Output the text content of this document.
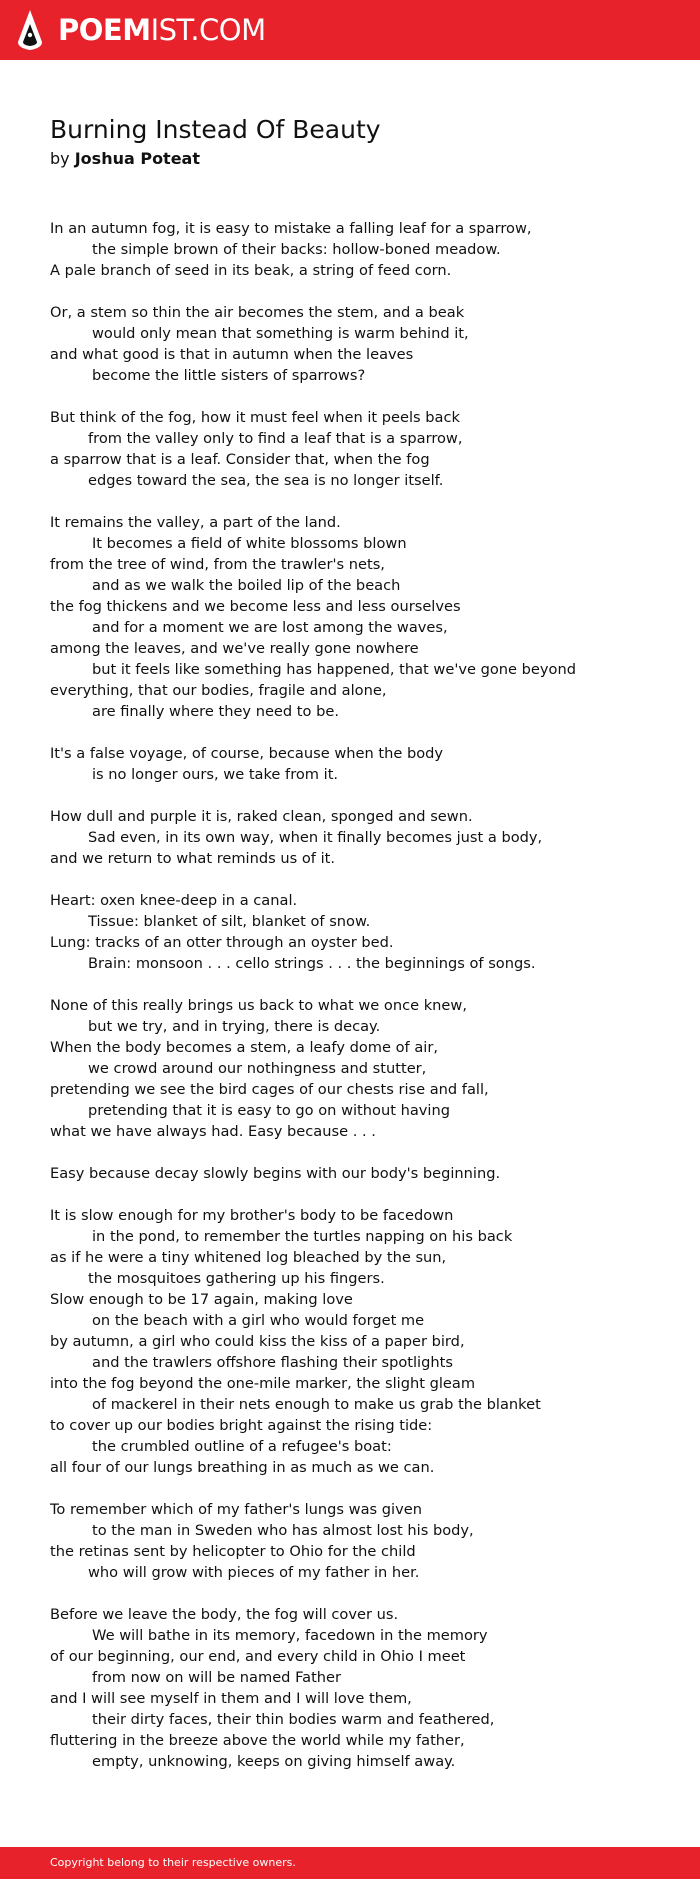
POEMIST.COM
Burning Instead Of Beauty
by Joshua Poteat
In an autumn fog, it is easy to mistake a falling leaf for a sparrow,
the simple brown of their backs: hollow-boned meadow.
A pale branch of seed in its beak, a string of feed corn.
Or, a stem so thin the air becomes the stem, and a beak
would only mean that something is warm behind it,
and what good is that in autumn when the leaves
become the little sisters of sparrows?
But think of the fog, how it must feel when it peels back
from the valley only to find a leaf that is a sparrow,
a sparrow that is a leaf. Consider that, when the fog
edges toward the sea, the sea is no longer itself.
It remains the valley, a part of the land.
It becomes a field of white blossoms blown
from the tree of wind, from the trawler's nets,
and as we walk the boiled lip of the beach
the fog thickens and we become less and less ourselves
and for a moment we are lost among the waves,
among the leaves, and we've really gone nowhere
but it feels like something has happened, that we've gone beyond
everything, that our bodies, fragile and alone,
are finally where they need to be.
It's a false voyage, of course, because when the body
is no longer ours, we take from it.
How dull and purple it is, raked clean, sponged and sewn.
Sad even, in its own way, when it finally becomes just a body,
and we return to what reminds us of it.
Heart: oxen knee-deep in a canal.
Tissue: blanket of silt, blanket of snow.
Lung: tracks of an otter through an oyster bed.
Brain: monsoon . . . cello strings . . . the beginnings of songs.
None of this really brings us back to what we once knew,
but we try, and in trying, there is decay.
When the body becomes a stem, a leafy dome of air,
we crowd around our nothingness and stutter,
pretending we see the bird cages of our chests rise and fall,
pretending that it is easy to go on without having
what we have always had. Easy because . . .
Easy because decay slowly begins with our body's beginning.
It is slow enough for my brother's body to be facedown
in the pond, to remember the turtles napping on his back
as if he were a tiny whitened log bleached by the sun,
the mosquitoes gathering up his fingers.
Slow enough to be 17 again, making love
on the beach with a girl who would forget me
by autumn, a girl who could kiss the kiss of a paper bird,
and the trawlers offshore flashing their spotlights
into the fog beyond the one-mile marker, the slight gleam
of mackerel in their nets enough to make us grab the blanket
to cover up our bodies bright against the rising tide:
the crumbled outline of a refugee's boat:
all four of our lungs breathing in as much as we can.
To remember which of my father's lungs was given
to the man in Sweden who has almost lost his body,
the retinas sent by helicopter to Ohio for the child
who will grow with pieces of my father in her.
Before we leave the body, the fog will cover us.
We will bathe in its memory, facedown in the memory
of our beginning, our end, and every child in Ohio I meet
from now on will be named Father
and I will see myself in them and I will love them,
their dirty faces, their thin bodies warm and feathered,
fluttering in the breeze above the world while my father,
empty, unknowing, keeps on giving himself away.
Copyright belong to their respective owners.
